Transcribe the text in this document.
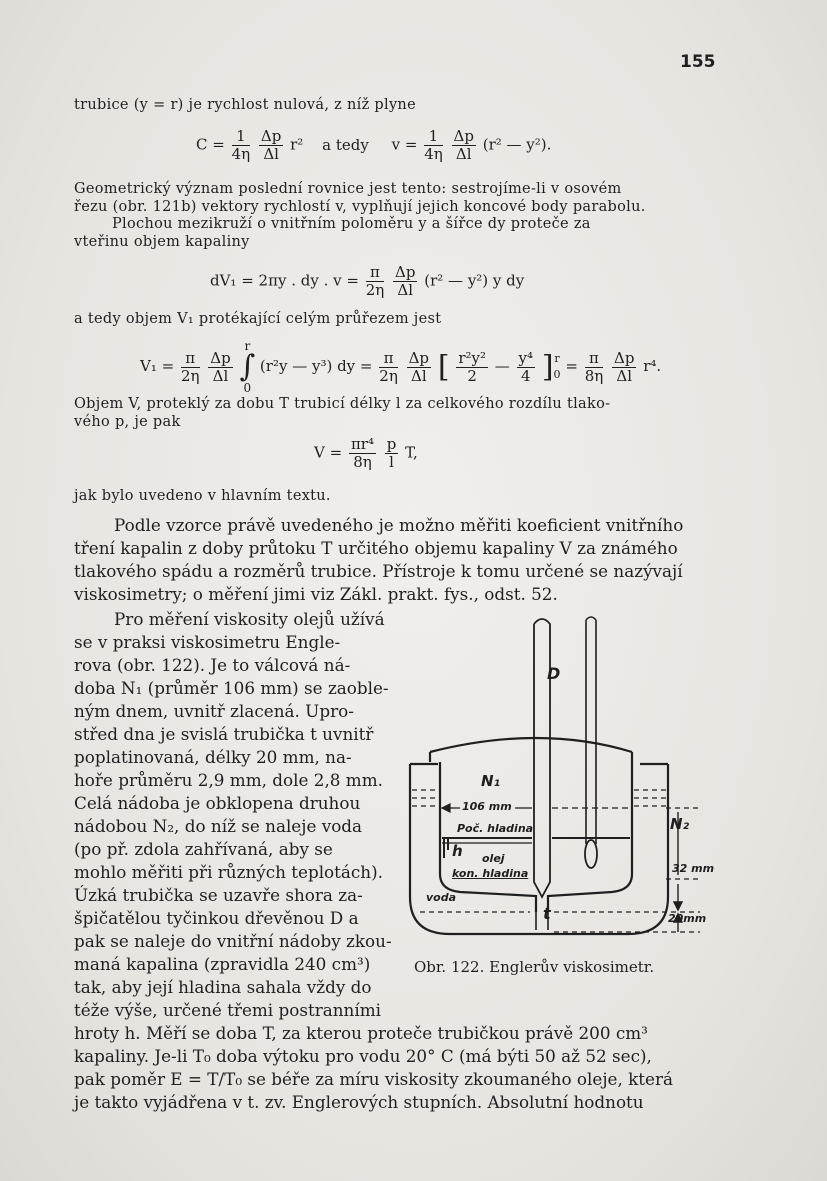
155
trubice (y = r) je rychlost nulová, z níž plyne
$C = \frac{1}{4\eta}$
$\frac{\Delta p}{\Delta l} r^2$ a tedy $v = \frac{1}{4\eta}$
$\frac{\Delta p}{\Delta l} (r^2$ — y²).
Geometrický význam poslední rovnice jest tento: sestrojíme-li v osovém
řezu (obr. 121b) vektory rychlostí v, vyplňují jejich koncové body parabolu.
Plochou mezikruží o vnitřním poloměru y a šířce dy proteče za
vteřinu objem kapaliny
dV₁ = 2πy . dy . $v = \frac{\pi}{2\eta}$
$\frac{\Delta p}{\Delta l} (r^2$ — y²) y dy
a tedy objem V₁ protékající celým průřezem jest
$V_1 = \frac{\pi}{2\eta}$
$\frac{\Delta p}{\Delta l}$

r
∫
0
(r²y — y³) dy = $\frac{\pi}{2\eta}$
$\frac{\Delta p}{\Delta l}$ [ $\frac{\text{r²y²}}{2}$ — $\frac{\text{y⁴}}{4}$ ] r
$0 = \frac{\pi}{8\eta}$
$\frac{\Delta p}{\Delta l} r^4$.
Objem V, proteklý za dobu T trubicí délky l za celkového rozdílu tlako-
vého p, je pak
$V = \frac{\text{πr⁴}}{8\eta}$
$\frac{p}{l} T$,
jak bylo uvedeno v hlavním textu.
Podle vzorce právě uvedeného je možno měřiti koeficient vnitřního
tření kapalin z doby průtoku T určitého objemu kapaliny V za známého
tlakového spádu a rozměrů trubice. Přístroje k tomu určené se nazývají
viskosimetry; o měření jimi viz Zákl. prakt. fys., odst. 52.
Pro měření viskosity olejů užívá
se v praksi viskosimetru Engle-
rova (obr. 122). Je to válcová ná-
doba N₁ (průměr 106 mm) se zaoble-
ným dnem, uvnitř zlacená. Upro-
střed dna je svislá trubička t uvnitř
poplatinovaná, délky 20 mm, na-
hoře průměru 2,9 mm, dole 2,8 mm.
Celá nádoba je obklopena druhou
nádobou N₂, do níž se naleje voda
(po př. zdola zahřívaná, aby se
mohlo měřiti při různých teplotách).
Úzká trubička se uzavře shora za-
špičatělou tyčinkou dřevěnou D a
pak se naleje do vnitřní nádoby zkou-
maná kapalina (zpravidla 240 cm³)
tak, aby její hladina sahala vždy do
téže výše, určené třemi postranními
hroty h. Měří se doba T, za kterou proteče trubičkou právě 200 cm³
kapaliny. Je-li T₀ doba výtoku pro vodu 20° C (má býti 50 až 52 sec),
pak poměr E = T/T₀ se béře za míru viskosity zkoumaného oleje, která
je takto vyjádřena v t. zv. Englerových stupních. Absolutní hodnotu
D
N₁
106 mm
Poč. hladina
h olej
kon. hladina
voda
t
N₂
32 mm
20mm
Obr. 122. Englerův viskosimetr.
